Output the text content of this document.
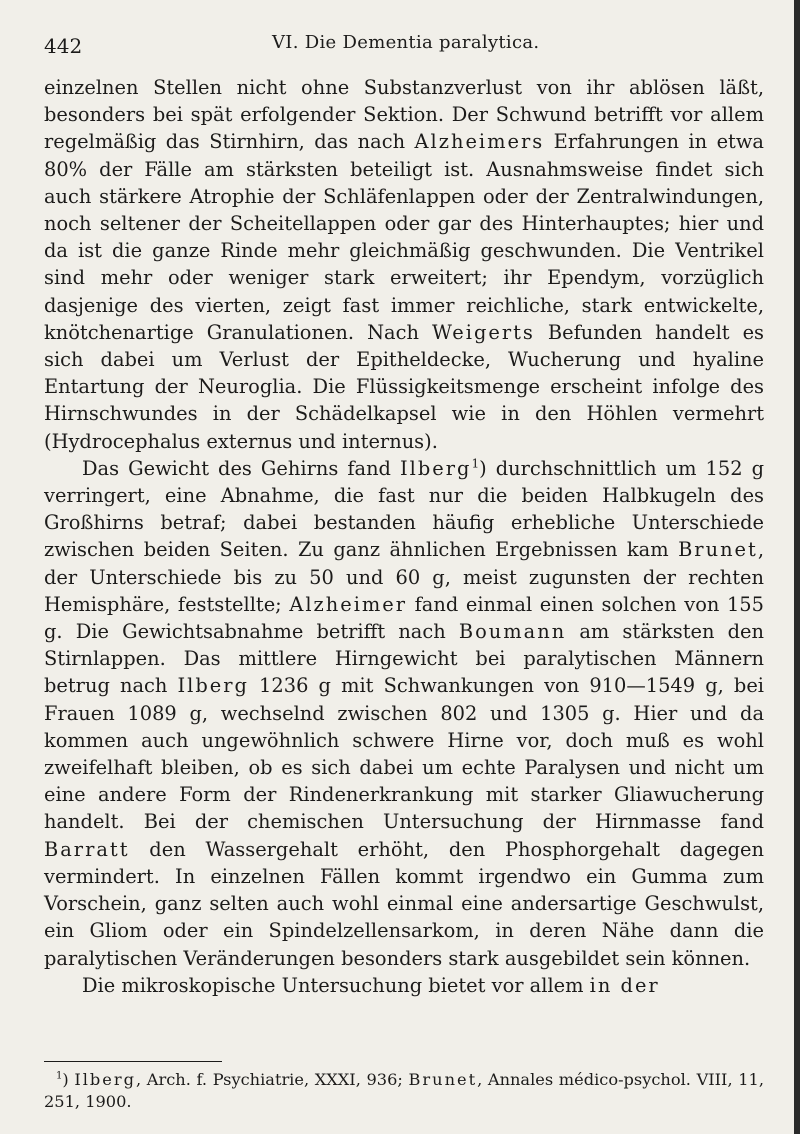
442	VI. Die Dementia paralytica.

einzelnen Stellen nicht ohne Substanzverlust von ihr ablösen läßt, besonders bei spät erfolgender Sektion. Der Schwund betrifft vor allem regelmäßig das Stirnhirn, das nach Alzheimers Erfahrungen in etwa 80% der Fälle am stärksten beteiligt ist. Ausnahmsweise findet sich auch stärkere Atrophie der Schläfenlappen oder der Zentralwindungen, noch seltener der Scheitellappen oder gar des Hinterhauptes; hier und da ist die ganze Rinde mehr gleichmäßig geschwunden. Die Ventrikel sind mehr oder weniger stark erweitert; ihr Ependym, vorzüglich dasjenige des vierten, zeigt fast immer reichliche, stark entwickelte, knötchenartige Granulationen. Nach Weigerts Befunden handelt es sich dabei um Verlust der Epitheldecke, Wucherung und hyaline Entartung der Neuroglia. Die Flüssigkeitsmenge erscheint infolge des Hirnschwundes in der Schädelkapsel wie in den Höhlen vermehrt (Hydrocephalus externus und internus).

Das Gewicht des Gehirns fand Ilberg$^1$) durchschnittlich um 152 g verringert, eine Abnahme, die fast nur die beiden Halbkugeln des Großhirns betraf; dabei bestanden häufig erhebliche Unterschiede zwischen beiden Seiten. Zu ganz ähnlichen Ergebnissen kam Brunet, der Unterschiede bis zu 50 und 60 g, meist zugunsten der rechten Hemisphäre, feststellte; Alzheimer fand einmal einen solchen von 155 g. Die Gewichtsabnahme betrifft nach Boumann am stärksten den Stirnlappen. Das mittlere Hirngewicht bei paralytischen Männern betrug nach Ilberg 1236 g mit Schwankungen von 910—1549 g, bei Frauen 1089 g, wechselnd zwischen 802 und 1305 g. Hier und da kommen auch ungewöhnlich schwere Hirne vor, doch muß es wohl zweifelhaft bleiben, ob es sich dabei um echte Paralysen und nicht um eine andere Form der Rindenerkrankung mit starker Gliawucherung handelt. Bei der chemischen Untersuchung der Hirnmasse fand Barratt den Wassergehalt erhöht, den Phosphorgehalt dagegen vermindert. In einzelnen Fällen kommt irgendwo ein Gumma zum Vorschein, ganz selten auch wohl einmal eine andersartige Geschwulst, ein Gliom oder ein Spindelzellensarkom, in deren Nähe dann die paralytischen Veränderungen besonders stark ausgebildet sein können.

Die mikroskopische Untersuchung bietet vor allem in der

$^1$) Ilberg, Arch. f. Psychiatrie, XXXI, 936; Brunet, Annales médico-psychol. VIII, 11, 251, 1900.
